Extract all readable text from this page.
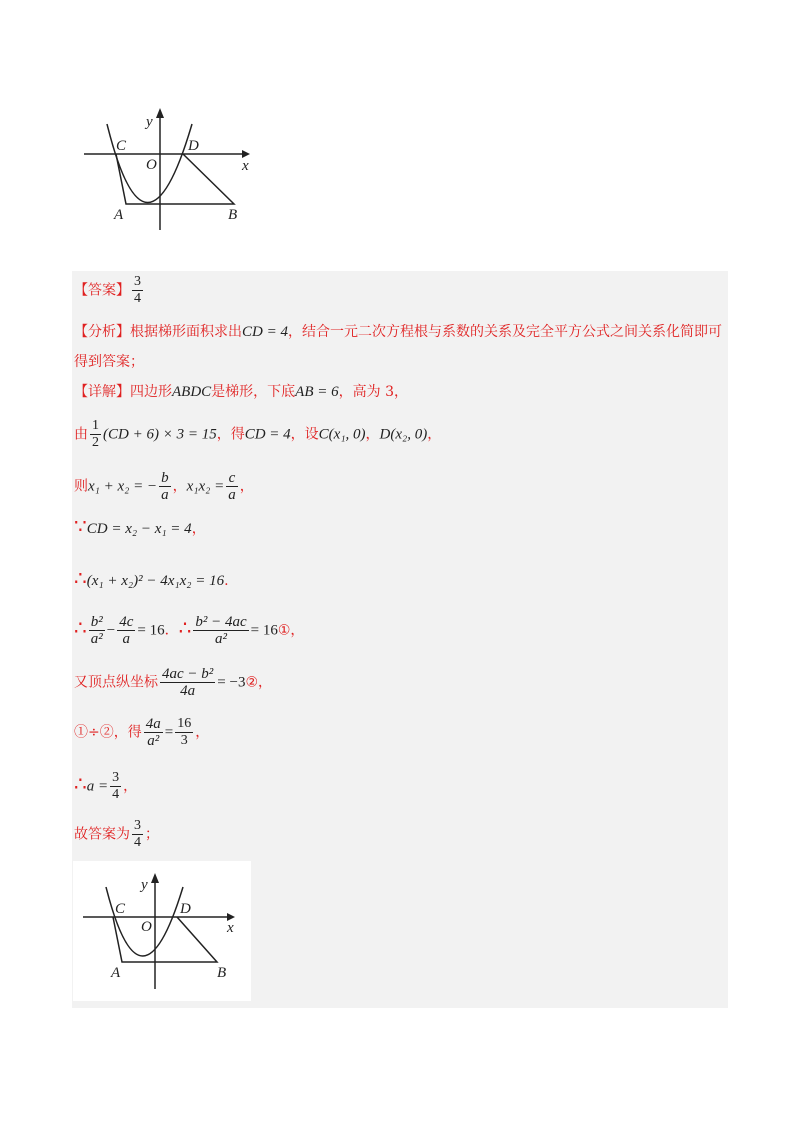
y
x
O
C	D
A	B
【答案】 $\frac{3}{4}$
【分析】根据梯形面积求出CD = 4，结合一元二次方程根与系数的关系及完全平方公式之间关系化简即可
得到答案；
【详解】四边形ABDC是梯形，下底AB = 6，高为 3，
由 $\frac{1}{2} (CD + 6) \times 3 = 15$，得CD = 4，设C(x₁, 0)，D(x₂, 0)，
则x₁ + x₂ = − $\frac{b}{a}$ ，$x_1x_2 = \frac{c}{a}$ ，
∵CD = x₂ − x₁ = 4，
∴(x₁ + x₂)² − 4x₁x₂ = 16.
∴ $\frac{\text{b²}}{\text{a²}} - \frac{4c}{a} = 16$．∴ $\frac{\text{b² − 4ac}}{\text{a²}}$ = 16①，
又顶点纵坐标 $\frac{\text{4ac − b²}}{4a}$ = −3②，
①÷②，得 $\frac{4a}{\text{a²}} = \frac{16}{3}$ ，
∴a = $\frac{3}{4}$ ，
故答案为 $\frac{3}{4}$ ；
y
x
O
C	D
A	B
